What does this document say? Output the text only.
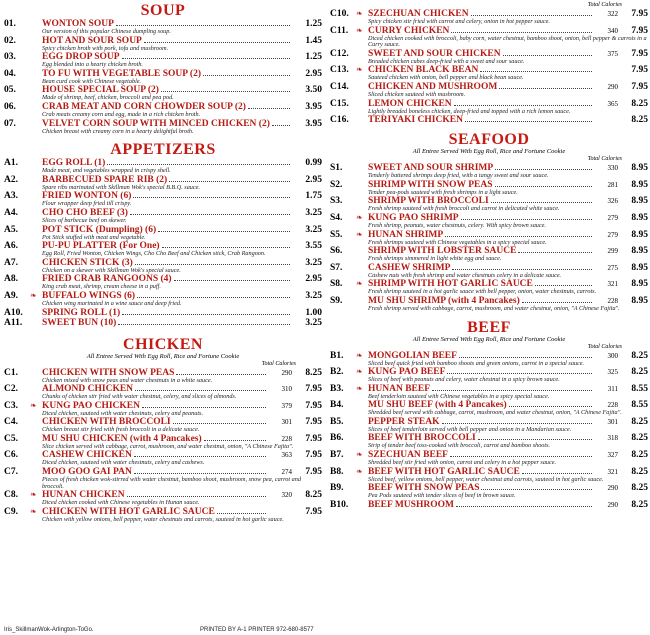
SOUP
01.	WONTON SOUP	1.25
Our version of this popular Chinese dumpling soup.
02.	HOT AND SOUR SOUP	1.45
Spicy chicken broth with pork, tofu and mushroom.
03.	EGG DROP SOUP	1.25
Egg blended into a hearty chicken broth.
04.	TO FU WITH VEGETABLE SOUP (2)	2.95
Bean curd cook with Chinese vegetable.
05.	HOUSE SPECIAL SOUP (2)	3.50
Made of shrimp, beef, chicken, broccoli and pea pod.
06.	CRAB MEAT AND CORN CHOWDER SOUP (2)	3.95
Crab meats creamy corn and egg, made in a rich chicken broth.
07.	VELVET CORN SOUP WITH MINCED CHICKEN (2)	3.95
Chicken breast with creamy corn in a hearty delightful broth.
APPETIZERS
A1.	EGG ROLL (1)	0.99
Made meat, and vegetables wrapped in crispy shell.
A2.	BARBECUED SPARE RIB (2)	2.95
Spare ribs marinated with Skillman Wok's special B.B.Q. sauce.
A3.	FRIED WONTON (6)	1.75
Flour wrapper deep fried till crispy.
A4.	CHO CHO BEEF (3)	3.25
Slices of barbecue beef on skewer.
A5.	POT STICK (Dumpling) (6)	3.25
Pot Stick stuffed with meat and vegetable.
A6.	PU-PU PLATTER (For One)	3.55
Egg Roll, Fried Wonton, Chicken Wings, Cho Cho Beef and Chicken stick, Crab Rangoon.
A7.	CHICKEN STICK (3)	3.25
Chicken on a skewer with Skillman Wok's special sauce.
A8.	FRIED CRAB RANGOONS (4)	2.95
King crab meat, shrimp, cream cheese in a puff.
A9.	BUFFALO WINGS (6)	3.25
❧
Chicken wing marinated in a wine sauce and deep fried.
A10.	SPRING ROLL (1)	1.00
A11.	SWEET BUN (10)	3.25
CHICKEN
All Entree Served With Egg Roll, Rice and Fortune Cookie
Total Calories
C1.	CHICKEN WITH SNOW PEAS	290	8.25
Chicken mixed with snow peas and water chestnuts in a white sauce.
C2.	ALMOND CHICKEN	310	7.95
Chunks of chicken stir fried with water chestnut, celery, and slices of almonds.
C3.	KUNG PAO CHICKEN	379	7.95
❧
Diced chicken, sauteed with water chestnuts, celery and peanuts.
C4.	CHICKEN WITH BROCCOLI	301	7.95
Chicken breast stir fried with fresh broccoli in a delicate sauce.
C5.	MU SHU CHICKEN (with 4 Pancakes)	228	7.95
Slice chicken served with cabbage, carrot, mushroom, and water chestnut, onion, "A Chinese Fajita".
C6.	CASHEW CHICKEN	363	7.95
Diced chicken, sauteed with water chestnuts, celery and cashews.
C7.	MOO GOO GAI PAN	274	7.95
Pieces of fresh chicken wok-stirred with water chestnut, bamboo shoot, mushroom, snow pea, carrot and broccoli.
C8.	HUNAN CHICKEN	320	8.25
❧
Diced chicken cooked with Chinese vegetables in Hunan sauce.
C9.	CHICKEN WITH HOT GARLIC SAUCE	7.95
❧
Chicken with yellow onions, bell pepper, water chestnuts and carrots, sauteed in hot garlic sauce.
Total Calories
C10.	SZECHUAN CHICKEN	322	7.95
❧
Spicy chicken stir fried with carrot and celery, onion in hot pepper sauce.
C11.	CURRY CHICKEN	340	7.95
❧
Diced chicken cooked with broccoli, baby corn, water chestnut, bamboo shoot, onion, bell pepper & carrots in a Curry sauce.
C12.	SWEET AND SOUR CHICKEN	375	7.95
Breaded chicken cubes deep-fried with a sweet and sour sauce.
C13.	CHICKEN BLACK BEAN	7.95
❧
Sauteed chicken with onion, bell pepper and black bean sauce.
C14.	CHICKEN AND MUSHROOM	290	7.95
Sliced chicken sauteed with mushroom.
C15.	LEMON CHICKEN	365	8.25
Lightly breaded boneless chicken, deep-fried and topped with a rich lemon sauce.
C16.	TERIYAKI CHICKEN	8.25
SEAFOOD
All Entree Served With Egg Roll, Rice and Fortune Cookie
Total Calories
S1.	SWEET AND SOUR SHRIMP	330	8.95
Tenderly battered shrimps deep fried, with a tangy sweet and sour sauce.
S2.	SHRIMP WITH SNOW PEAS	281	8.95
Tender pea-pods sauteed with fresh shrimps in a light sauce.
S3.	SHRIMP WITH BROCCOLI	326	8.95
Fresh shrimp sauteed with fresh broccoli and carrot in delicated white sauce.
S4.	KUNG PAO SHRIMP	279	8.95
❧
Fresh shrimp, peanuts, water chestnuts, celery. With spicy brown sauce.
S5.	HUNAN SHRIMP	279	8.95
❧
Fresh shrimps sauteed with Chinese vegetables in a spicy special sauce.
S6.	SHRIMP WITH LOBSTER SAUCE	299	8.95
Fresh shrimps simmered in light white egg and sauce.
S7.	CASHEW SHRIMP	275	8.95
Cashew nuts with fresh shrimp and water chestnuts celery in a delicate sauce.
S8.	SHRIMP WITH HOT GARLIC SAUCE	321	8.95
❧
Fresh shrimp sauteed in a hot garlic sauce with bell pepper, onion, water chestnuts, carrots.
S9.	MU SHU SHRIMP (with 4 Pancakes)	228	8.95
Fresh shrimp served with cabbage, carrot, mushroom, and water chestnut, onion, "A Chinese Fajita".
BEEF
All Entree Served With Egg Roll, Rice and Fortune Cookie
Total Calories
B1.	MONGOLIAN BEEF	300	8.25
❧
Sliced beef quick fried with bamboo shoots and green onions, carrot in a special sauce.
B2.	KUNG PAO BEEF	325	8.25
❧
Slices of beef with peanuts and celery, water chestnut in a spicy brown sauce.
B3.	HUNAN BEEF	311	8.55
❧
Beef tenderloin sauteed with Chinese vegetables in a spicy special sauce.
B4.	MU SHU BEEF (with 4 Pancakes)	228	8.55
Shredded beef served with cabbage, carrot, mushroom, and water chestnut, onion, "A Chinese Fajita".
B5.	PEPPER STEAK	301	8.25
Slices of beef tenderloin served with bell pepper and onion in a Mandarian sauce.
B6.	BEEF WITH BROCCOLI	318	8.25
Strip of tender beef toss-cooked with broccoli, carrot and bamboo shoots.
B7.	SZECHUAN BEEF	327	8.25
❧
Shredded beef stir fried with onion, carrot and celery in a hot pepper sauce.
B8.	BEEF WITH HOT GARLIC SAUCE	321	8.25
❧
Sliced beef, yellow onions, bell pepper, water chestnut and carrots, sauteed in hot garlic sauce.
B9.	BEEF WITH SNOW PEAS	290	8.25
Pea Pods sauteed with tender slices of beef in brown sauce.
B10.	BEEF MUSHROOM	290	8.25
Iris_SkillmanWok-Arlington-ToGo.	PRINTED BY A-1 PRINTER 972-680-8577
